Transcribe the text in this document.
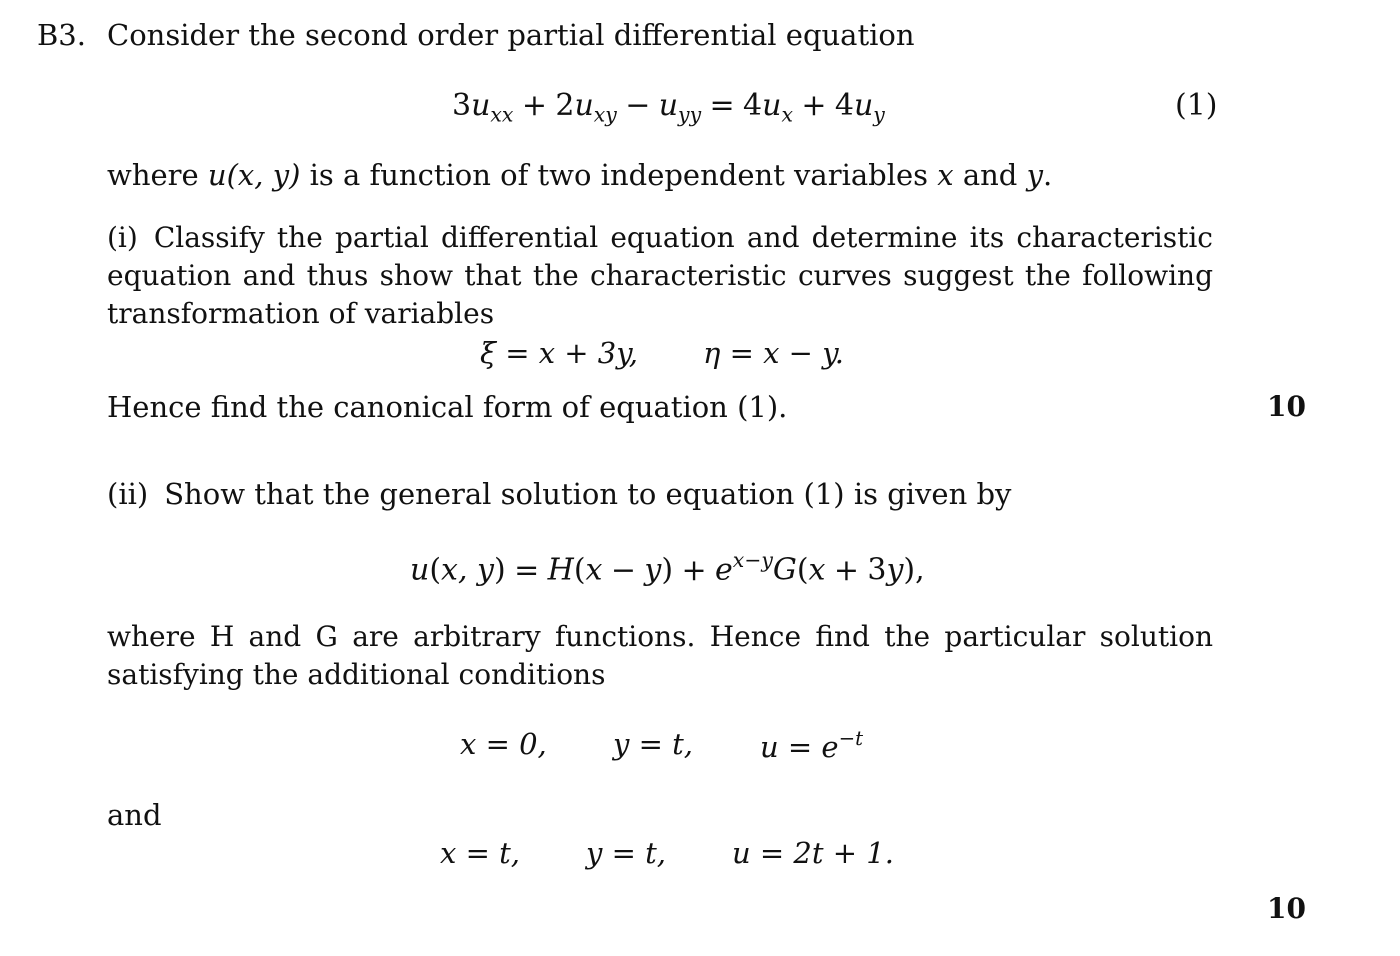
B3. Consider the second order partial differential equation
$3u_{xx} + 2u_{xy} - u_{yy} = 4u_x + 4u_y$	(1)
where u(x, y) is a function of two independent variables x and y.
(i) Classify the partial differential equation and determine its characteristic equation and thus show that the characteristic curves suggest the following transformation of variables
ξ = x + 3y, η = x − y.
Hence find the canonical form of equation (1).	10
(ii) Show that the general solution to equation (1) is given by
u(x, $y) = H(x - y) + e^{x-y}G(x + 3y)$,
where H and G are arbitrary functions. Hence find the particular solution satisfying the additional conditions
x = 0, y = t, $u = e^{-t}$
and
x = t, y = t, u = 2t + 1.
10
